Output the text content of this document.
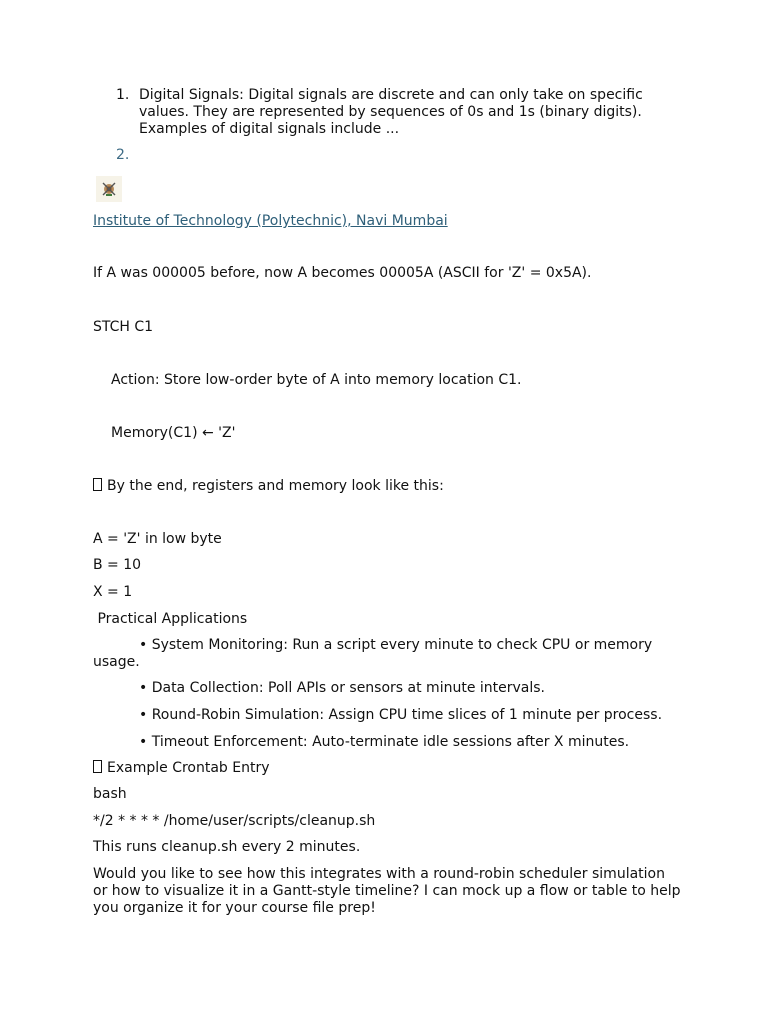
1. Digital Signals: Digital signals are discrete and can only take on specific values. They are represented by sequences of 0s and 1s (binary digits). Examples of digital signals include ...
2.
Institute of Technology (Polytechnic), Navi Mumbai
If A was 000005 before, now A becomes 00005A (ASCII for 'Z' = 0x5A).
STCH C1
Action: Store low-order byte of A into memory location C1.
Memory(C1) ← 'Z'
By the end, registers and memory look like this:
A = 'Z' in low byte
B = 10
X = 1
Practical Applications
• System Monitoring: Run a script every minute to check CPU or memory
usage.
• Data Collection: Poll APIs or sensors at minute intervals.
• Round-Robin Simulation: Assign CPU time slices of 1 minute per process.
• Timeout Enforcement: Auto-terminate idle sessions after X minutes.
Example Crontab Entry
bash
*/2 * * * * /home/user/scripts/cleanup.sh
This runs cleanup.sh every 2 minutes.
Would you like to see how this integrates with a round-robin scheduler simulation or how to visualize it in a Gantt-style timeline? I can mock up a flow or table to help you organize it for your course file prep!
